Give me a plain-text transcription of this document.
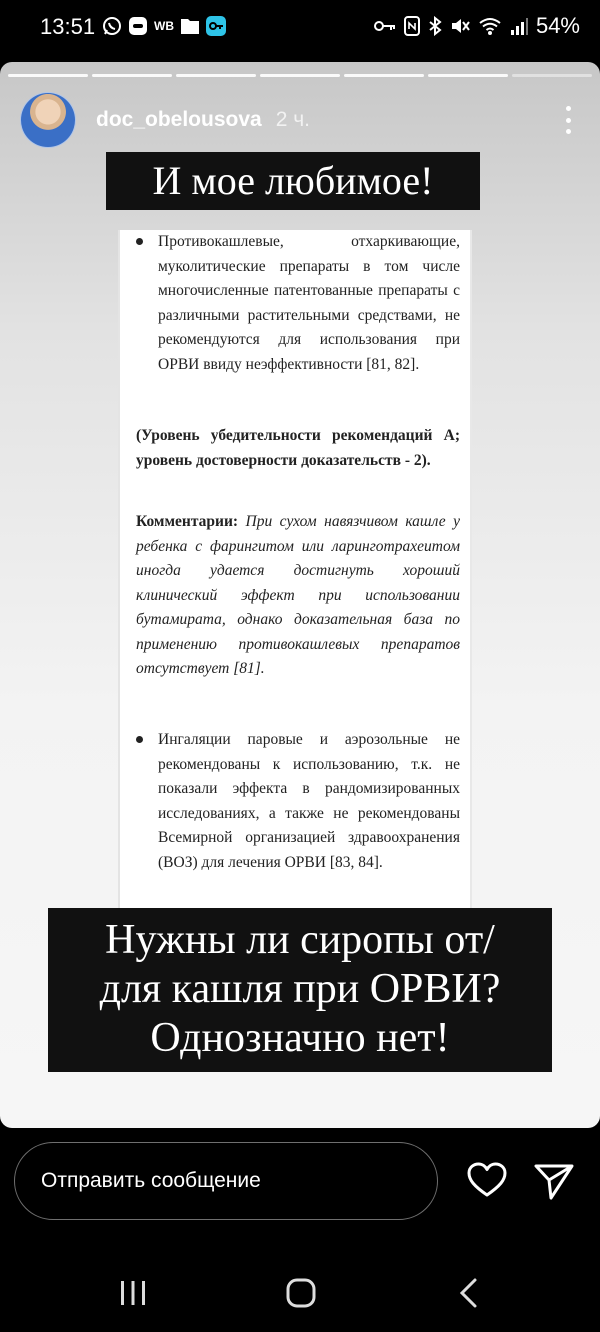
13:51	WB	54%
doc_obelousova 2 ч.
И мое любимое!
Противокашлевые, отхаркивающие, муколитические препараты в том числе многочисленные патентованные препараты с различными растительными средствами, не рекомендуются для использования при ОРВИ ввиду неэффективности [81, 82].
(Уровень убедительности рекомендаций А; уровень достоверности доказательств - 2).
Комментарии: При сухом навязчивом кашле у ребенка с фарингитом или ларинготрахеитом иногда удается достигнуть хороший клинический эффект при использовании бутамирата, однако доказательная база по применению противокашлевых препаратов отсутствует [81].
Ингаляции паровые и аэрозольные не рекомендованы к использованию, т.к. не показали эффекта в рандомизированных исследованиях, а также не рекомендованы Всемирной организацией здравоохранения (ВОЗ) для лечения ОРВИ [83, 84].
Нужны ли сиропы от/
для кашля при ОРВИ?
Однозначно нет!
Отправить сообщение
